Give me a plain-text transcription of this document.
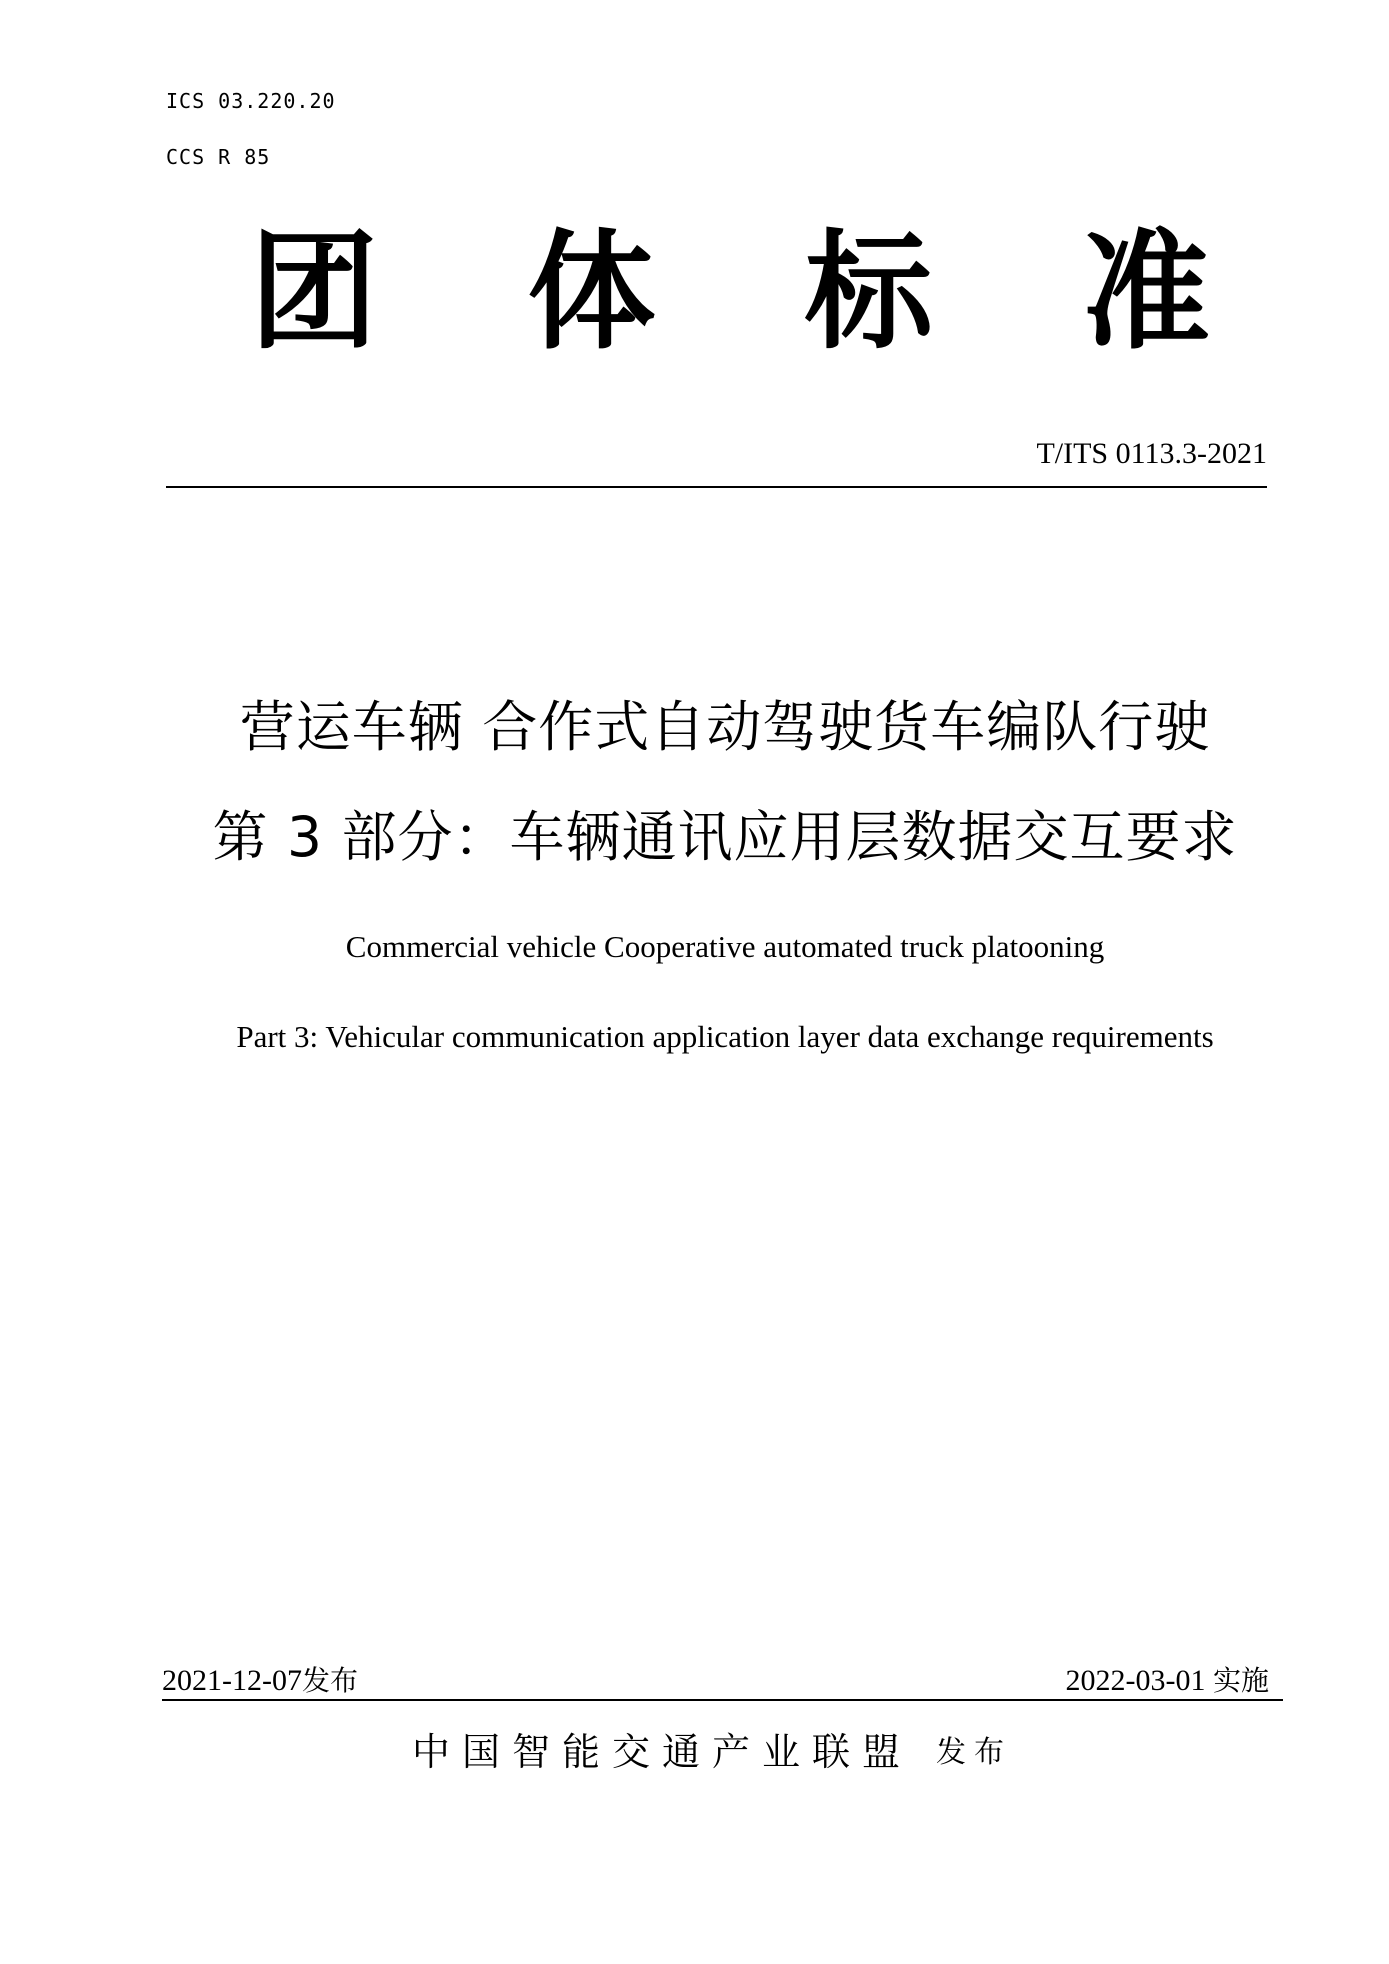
ICS 03.220.20
CCS R 85
团 体 标 准
T/ITS 0113.3-2021
营运车辆 合作式自动驾驶货车编队行驶
第 3 部分：车辆通讯应用层数据交互要求
Commercial vehicle Cooperative automated truck platooning
Part 3: Vehicular communication application layer data exchange requirements
2021-12-07发布	2022-03-01 实施
中国智能交通产业联盟 发布
